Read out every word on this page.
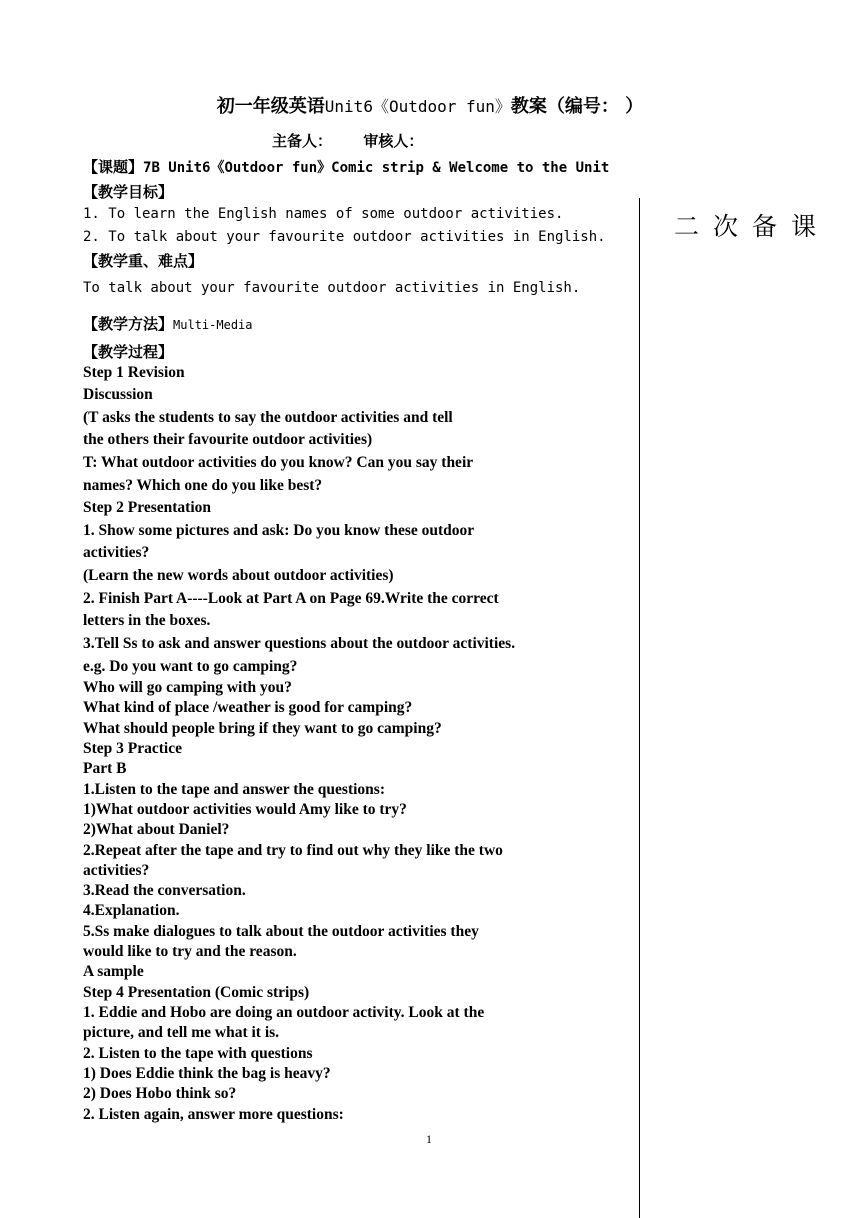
初一年级英语Unit6《Outdoor fun》教案（编号： ）
主备人：      审核人：
【课题】7B Unit6《Outdoor fun》Comic strip & Welcome to the Unit
【教学目标】
1. To learn the English names of some outdoor activities.
2. To talk about your favourite outdoor activities in English.
【教学重、难点】
To talk about your favourite outdoor activities in English.
【教学方法】Multi-Media
【教学过程】
Step 1 Revision
Discussion
(T asks the students to say the outdoor activities and tell
the others their favourite outdoor activities)
T: What outdoor activities do you know? Can you say their
names? Which one do you like best?
Step 2 Presentation
1. Show some pictures and ask: Do you know these outdoor
activities?
(Learn the new words about outdoor activities)
2. Finish Part A----Look at Part A on Page 69.Write the correct
letters in the boxes.
3.Tell Ss to ask and answer questions about the outdoor activities.
e.g. Do you want to go camping?
Who will go camping with you?
What kind of place /weather is good for camping?
What should people bring if they want to go camping?
Step 3 Practice
Part B
1.Listen to the tape and answer the questions:
1)What outdoor activities would Amy like to try?
2)What about Daniel?
2.Repeat after the tape and try to find out why they like the two
activities?
3.Read the conversation.
4.Explanation.
5.Ss make dialogues to talk about the outdoor activities they
would like to try and the reason.
A sample
Step 4 Presentation (Comic strips)
1. Eddie and Hobo are doing an outdoor activity. Look at the
picture, and tell me what it is.
2. Listen to the tape with questions
1) Does Eddie think the bag is heavy?
2) Does Hobo think so?
2. Listen again, answer more questions:
二次备课
1
